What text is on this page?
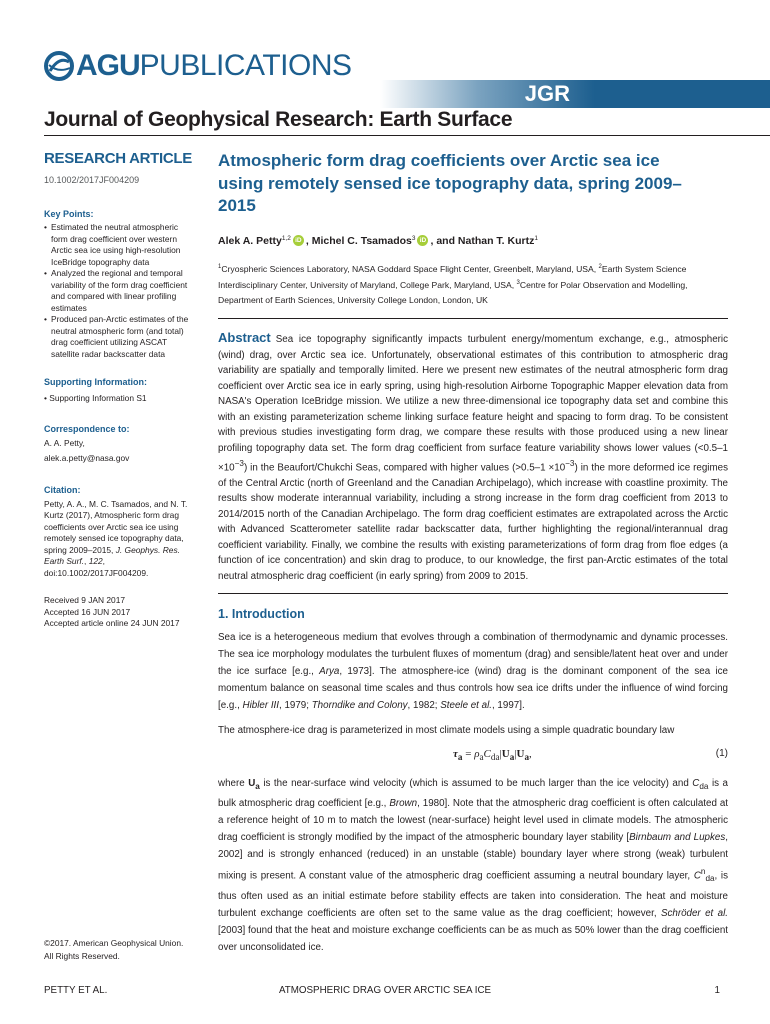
AGU PUBLICATIONS
JGR
Journal of Geophysical Research: Earth Surface
RESEARCH ARTICLE
10.1002/2017JF004209
Key Points:
• Estimated the neutral atmospheric form drag coefficient over western Arctic sea ice using high-resolution IceBridge topography data
• Analyzed the regional and temporal variability of the form drag coefficient and compared with linear profiling estimates
• Produced pan-Arctic estimates of the neutral atmospheric form (and total) drag coefficient utilizing ASCAT satellite radar backscatter data
Supporting Information:
• Supporting Information S1
Correspondence to:
A. A. Petty,
alek.a.petty@nasa.gov
Citation:
Petty, A. A., M. C. Tsamados, and N. T. Kurtz (2017), Atmospheric form drag coefficients over Arctic sea ice using remotely sensed ice topography data, spring 2009–2015, J. Geophys. Res. Earth Surf., 122, doi:10.1002/2017JF004209.
Received 9 JAN 2017
Accepted 16 JUN 2017
Accepted article online 24 JUN 2017
©2017. American Geophysical Union.
All Rights Reserved.
Atmospheric form drag coefficients over Arctic sea ice using remotely sensed ice topography data, spring 2009–2015
Alek A. Petty$^{1,2}$ iD , Michel C. Tsamados$^3$ iD , and Nathan T. Kurtz$^1$
$^1$Cryospheric Sciences Laboratory, NASA Goddard Space Flight Center, Greenbelt, Maryland, USA, $^2$Earth System Science Interdisciplinary Center, University of Maryland, College Park, Maryland, USA, $^3$Centre for Polar Observation and Modelling, Department of Earth Sciences, University College London, London, UK
Abstract Sea ice topography significantly impacts turbulent energy/momentum exchange, e.g., atmospheric (wind) drag, over Arctic sea ice. Unfortunately, observational estimates of this contribution to atmospheric drag variability are spatially and temporally limited. Here we present new estimates of the neutral atmospheric form drag coefficient over Arctic sea ice in early spring, using high-resolution Airborne Topographic Mapper elevation data from NASA's Operation IceBridge mission. We utilize a new three-dimensional ice topography data set and combine this with an existing parameterization scheme linking surface feature height and spacing to form drag. To be consistent with previous studies investigating form drag, we compare these results with those produced using a new linear profiling topography data set. The form drag coefficient from surface feature variability shows lower values $(<0.5-1 \times 10^{-3})$ in the Beaufort/Chukchi Seas, compared with higher values $(>0.5-1 \times 10^{-3})$ in the more deformed ice regimes of the Central Arctic (north of Greenland and the Canadian Archipelago), which increase with coastline proximity. The results show moderate interannual variability, including a strong increase in the form drag coefficient from 2013 to 2014/2015 north of the Canadian Archipelago. The form drag coefficient estimates are extrapolated across the Arctic with Advanced Scatterometer satellite radar backscatter data, further highlighting the regional/interannual drag coefficient variability. Finally, we combine the results with existing parameterizations of form drag from floe edges (a function of ice concentration) and skin drag to produce, to our knowledge, the first pan-Arctic estimates of the total neutral atmospheric drag coefficient (in early spring) from 2009 to 2015.
1. Introduction
Sea ice is a heterogeneous medium that evolves through a combination of thermodynamic and dynamic processes. The sea ice morphology modulates the turbulent fluxes of momentum (drag) and sensible/latent heat over and under the ice surface [e.g., Arya, 1973]. The atmosphere-ice (wind) drag is the dominant component of the sea ice momentum balance on seasonal time scales and thus controls how sea ice drifts under the influence of wind forcing [e.g., Hibler III, 1979; Thorndike and Colony, 1982; Steele et al., 1997].
The atmosphere-ice drag is parameterized in most climate models using a simple quadratic boundary law
$\tau_a = \rho_aC_{da}|U_a|U_a$,	(1)
where $U_a$ is the near-surface wind velocity (which is assumed to be much larger than the ice velocity) and $C_{da}$ is a bulk atmospheric drag coefficient [e.g., Brown, 1980]. Note that the atmospheric drag coefficient is often calculated at a reference height of 10 m to match the lowest (near-surface) height level used in climate models. The atmospheric drag coefficient is strongly modified by the impact of the atmospheric boundary layer stability [Birnbaum and Lupkes, 2002] and is strongly enhanced (reduced) in an unstable (stable) boundary layer where strong (weak) turbulent mixing is present. A constant value of the atmospheric drag coefficient assuming a neutral boundary layer, $C^n_{da}$, is thus often used as an initial estimate before stability effects are taken into consideration. The heat and moisture turbulent exchange coefficients are often set to the same value as the drag coefficient; however, Schröder et al. [2003] found that the heat and moisture exchange coefficients can be as much as 50% lower than the drag coefficient over unconsolidated ice.
PETTY ET AL.	ATMOSPHERIC DRAG OVER ARCTIC SEA ICE	1
